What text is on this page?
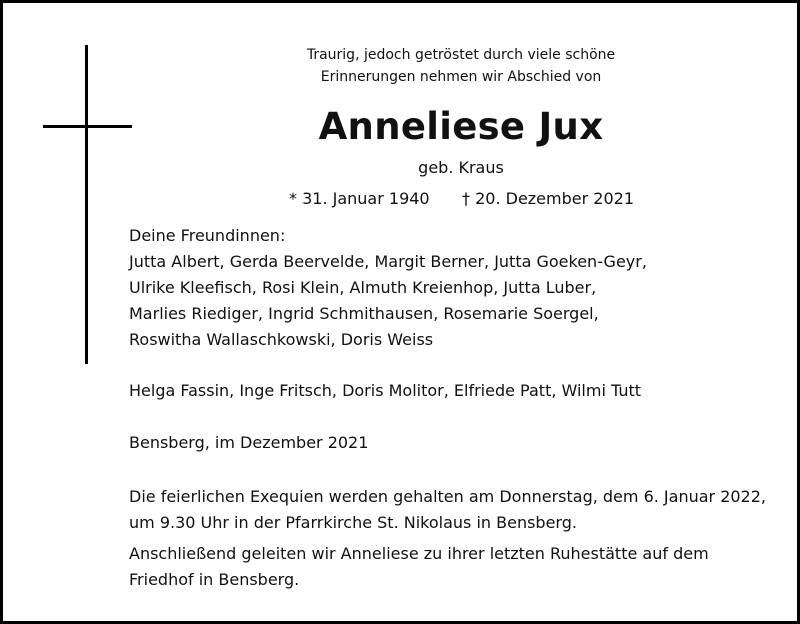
Traurig, jedoch getröstet durch viele schöne
Erinnerungen nehmen wir Abschied von
Anneliese Jux
geb. Kraus
* 31. Januar 1940 † 20. Dezember 2021
Deine Freundinnen:
Jutta Albert, Gerda Beervelde, Margit Berner, Jutta Goeken-Geyr,
Ulrike Kleefisch, Rosi Klein, Almuth Kreienhop, Jutta Luber,
Marlies Riediger, Ingrid Schmithausen, Rosemarie Soergel,
Roswitha Wallaschkowski, Doris Weiss
Helga Fassin, Inge Fritsch, Doris Molitor, Elfriede Patt, Wilmi Tutt
Bensberg, im Dezember 2021
Die feierlichen Exequien werden gehalten am Donnerstag, dem 6. Januar 2022,
um 9.30 Uhr in der Pfarrkirche St. Nikolaus in Bensberg.
Anschließend geleiten wir Anneliese zu ihrer letzten Ruhestätte auf dem
Friedhof in Bensberg.
